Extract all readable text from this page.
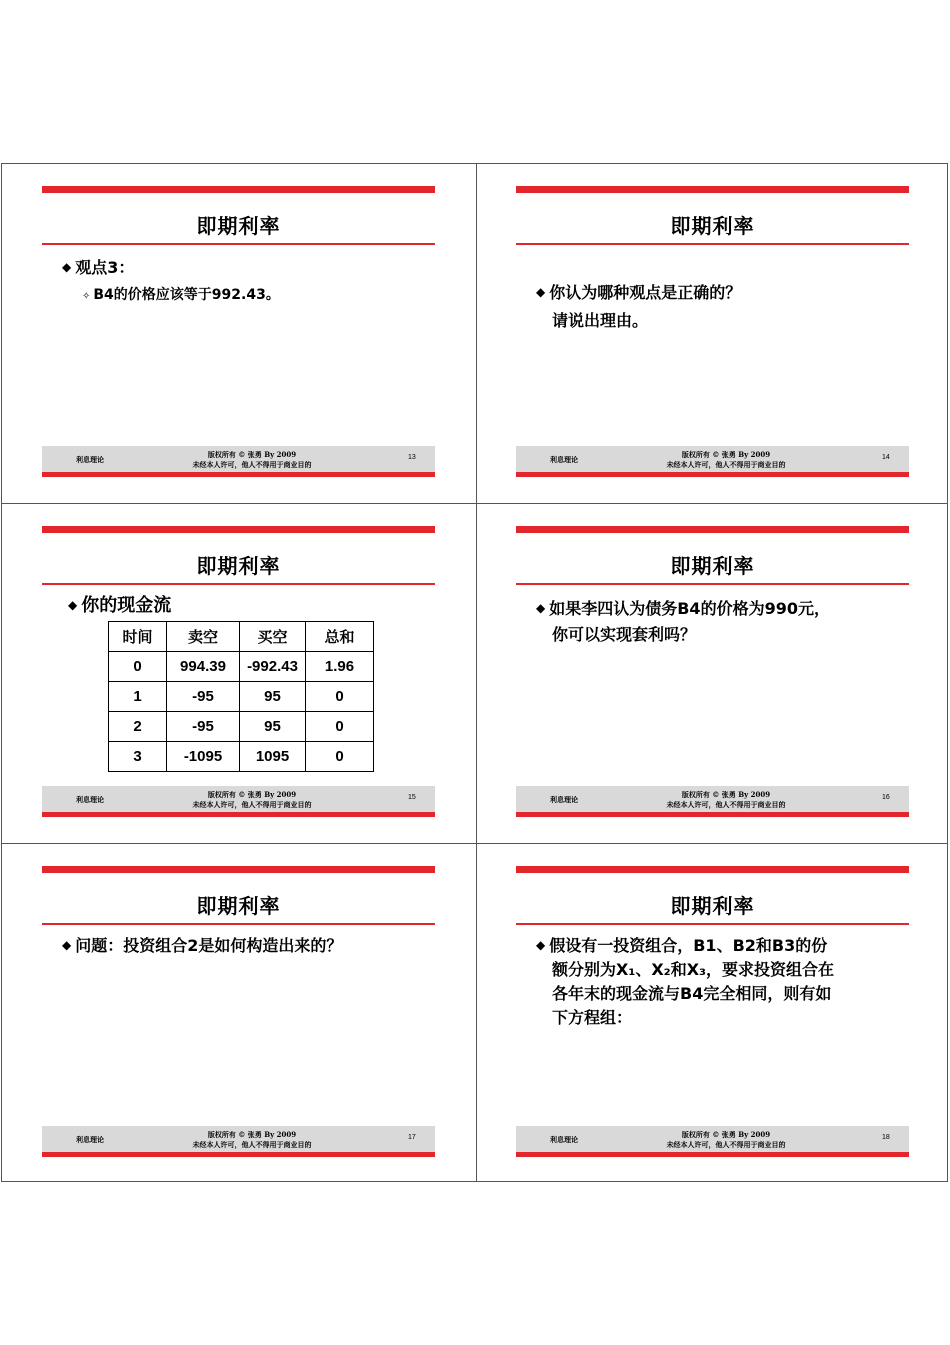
即期利率
◆ 观点3：
✧ B4的价格应该等于992.43。
利息理论
版权所有 © 张勇 By 2009
未经本人许可，他人不得用于商业目的
13
即期利率
◆ 你认为哪种观点是正确的？
请说出理由。
利息理论
版权所有 © 张勇 By 2009
未经本人许可，他人不得用于商业目的
14
即期利率
◆ 你的现金流
时间	卖空	买空	总和
0	994.39	-992.43	1.96
1	-95	95	0
2	-95	95	0
3	-1095	1095	0
利息理论
版权所有 © 张勇 By 2009
未经本人许可，他人不得用于商业目的
15
即期利率
◆ 如果李四认为债务B4的价格为990元，
你可以实现套利吗？
利息理论
版权所有 © 张勇 By 2009
未经本人许可，他人不得用于商业目的
16
即期利率
◆ 问题：投资组合2是如何构造出来的？
利息理论
版权所有 © 张勇 By 2009
未经本人许可，他人不得用于商业目的
17
即期利率
◆ 假设有一投资组合，B1、B2和B3的份
额分别为X₁、X₂和X₃，要求投资组合在
各年末的现金流与B4完全相同，则有如
下方程组：
利息理论
版权所有 © 张勇 By 2009
未经本人许可，他人不得用于商业目的
18
